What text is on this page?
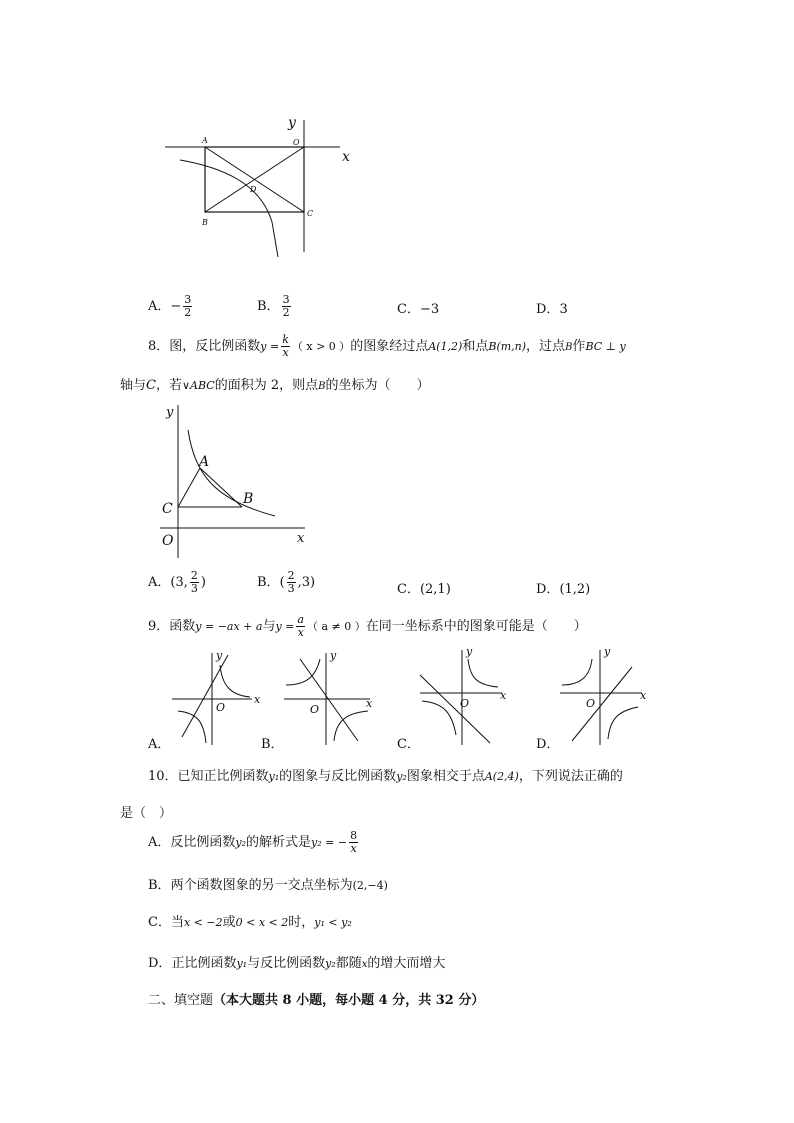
y
x
A	O
D
B
C
A．− $\frac{3}{2}$	B． $\frac{3}{2}$	C．−3	D．3
8．图，反比例函数$y = \frac{k}{x}$ （ x > 0 ）的图象经过点A(1,2)和点B(m,n)，过点B作BC ⊥ y
轴与C，若∨ABC的面积为 2，则点B的坐标为（　　）
y
x
A
B
C
O
A．(3, $\frac{2}{3}$ )	B．( $\frac{2}{3} ,3$)	C．(2,1)	D．(1,2)
9．函数y = −ax + a与$y = \frac{a}{x}$ （ a ≠ 0 ）在同一坐标系中的图象可能是（　　）
y
x
O
y
x
O
y
x
O
y
x
O
A．	B．	C．	D．
10．已知正比例函数y₁的图象与反比例函数y₂图象相交于点A(2,4)，下列说法正确的
是（　）
A．反比例函数y₂的解析式是y₂ = − $\frac{8}{x}$
B．两个函数图象的另一交点坐标为(2,−4)
C．当x < −2或0 < x < 2时，y₁ < y₂
D．正比例函数y₁与反比例函数y₂都随x的增大而增大
二、填空题（本大题共 8 小题，每小题 4 分，共 32 分）
